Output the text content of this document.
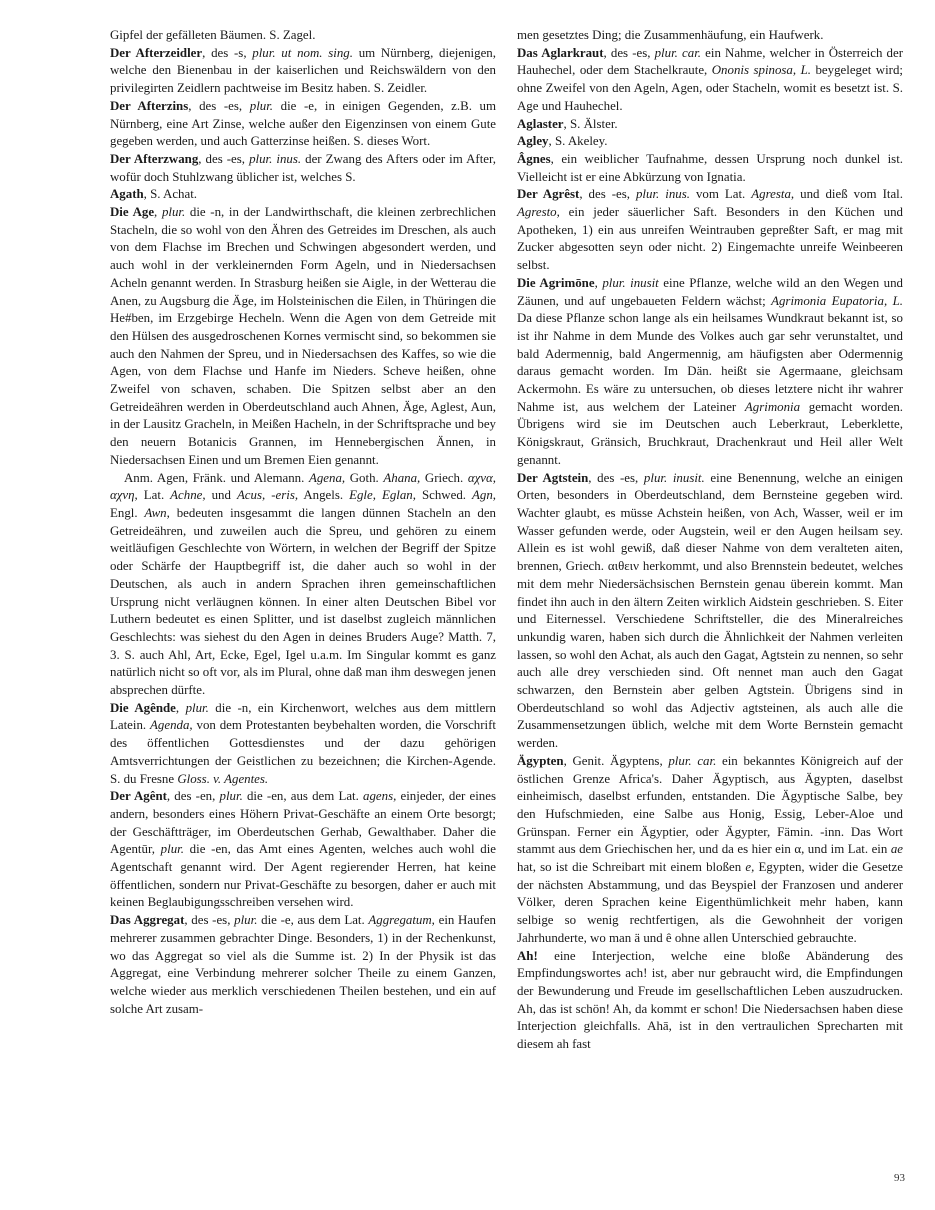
Gipfel der gefälleten Bäumen. S. Zagel.

Der Afterzeidler, des -s, plur. ut nom. sing. um Nürnberg, diejenigen, welche den Bienenbau in der kaiserlichen und Reichswäldern von den privilegirten Zeidlern pachtweise im Besitz haben. S. Zeidler.

Der Afterzins, des -es, plur. die -e, in einigen Gegenden, z.B. um Nürnberg, eine Art Zinse, welche außer den Eigenzinsen von einem Gute gegeben werden, und auch Gatterzinse heißen. S. dieses Wort.

Der Afterzwang, des -es, plur. inus. der Zwang des Afters oder im After, wofür doch Stuhlzwang üblicher ist, welches S.

Agath, S. Achat.

Die Age, plur. die -n, in der Landwirthschaft, die kleinen zerbrechlichen Stacheln, die so wohl von den Ähren des Getreides im Dreschen, als auch von dem Flachse im Brechen und Schwingen abgesondert werden, und auch wohl in der verkleinernden Form Ageln, und in Niedersachsen Acheln genannt werden. In Strasburg heißen sie Aigle, in der Wetterau die Anen, zu Augsburg die Äge, im Holsteinischen die Eilen, in Thüringen die He#ben, im Erzgebirge Hecheln. Wenn die Agen von dem Getreide mit den Hülsen des ausgedroschenen Kornes vermischt sind, so bekommen sie auch den Nahmen der Spreu, und in Niedersachsen des Kaffes, so wie die Agen, von dem Flachse und Hanfe im Nieders. Scheve heißen, ohne Zweifel von schaven, schaben. Die Spitzen selbst aber an den Getreideähren werden in Oberdeutschland auch Ahnen, Äge, Aglest, Aun, in der Lausitz Gracheln, in Meißen Hacheln, in der Schriftsprache und bey den neuern Botanicis Grannen, im Hennebergischen Ännen, in Niedersachsen Einen und um Bremen Eien genannt.

Anm. Agen, Fränk. und Alemann. Agena, Goth. Ahana, Griech. αχνα, αχνη, Lat. Achne, und Acus, -eris, Angels. Egle, Eglan, Schwed. Agn, Engl. Awn, bedeuten insgesammt die langen dünnen Stacheln an den Getreideähren, und zuweilen auch die Spreu, und gehören zu einem weitläufigen Geschlechte von Wörtern, in welchen der Begriff der Spitze oder Schärfe der Hauptbegriff ist, die daher auch so wohl in der Deutschen, als auch in andern Sprachen ihren gemeinschaftlichen Ursprung nicht verläugnen können. In einer alten Deutschen Bibel vor Luthern bedeutet es einen Splitter, und ist daselbst zugleich männlichen Geschlechts: was siehest du den Agen in deines Bruders Auge? Matth. 7, 3. S. auch Ahl, Art, Ecke, Egel, Igel u.a.m. Im Singular kommt es ganz natürlich nicht so oft vor, als im Plural, ohne daß man ihm deswegen jenen absprechen dürfte.

Die Agênde, plur. die -n, ein Kirchenwort, welches aus dem mittlern Latein. Agenda, von dem Protestanten beybehalten worden, die Vorschrift des öffentlichen Gottesdienstes und der dazu gehörigen Amtsverrichtungen der Geistlichen zu bezeichnen; die Kirchen-Agende. S. du Fresne Gloss. v. Agentes.

Der Agênt, des -en, plur. die -en, aus dem Lat. agens, einjeder, der eines andern, besonders eines Höhern Privat-Geschäfte an einem Orte besorgt; der Geschäftträger, im Oberdeutschen Gerhab, Gewalthaber. Daher die Agentūr, plur. die -en, das Amt eines Agenten, welches auch wohl die Agentschaft genannt wird. Der Agent regierender Herren, hat keine öffentlichen, sondern nur Privat-Geschäfte zu besorgen, daher er auch mit keinen Beglaubigungsschreiben versehen wird.

Das Aggregat, des -es, plur. die -e, aus dem Lat. Aggregatum, ein Haufen mehrerer zusammen gebrachter Dinge. Besonders, 1) in der Rechenkunst, wo das Aggregat so viel als die Summe ist. 2) In der Physik ist das Aggregat, eine Verbindung mehrerer solcher Theile zu einem Ganzen, welche wieder aus merklich verschiedenen Theilen bestehen, und ein auf solche Art zusam-

men gesetztes Ding; die Zusammenhäufung, ein Haufwerk.

Das Aglarkraut, des -es, plur. car. ein Nahme, welcher in Österreich der Hauhechel, oder dem Stachelkraute, Ononis spinosa, L. beygeleget wird; ohne Zweifel von den Ageln, Agen, oder Stacheln, womit es besetzt ist. S. Age und Hauhechel.

Aglaster, S. Älster.

Agley, S. Akeley.

Âgnes, ein weiblicher Taufnahme, dessen Ursprung noch dunkel ist. Vielleicht ist er eine Abkürzung von Ignatia.

Der Agrêst, des -es, plur. inus. vom Lat. Agresta, und dieß vom Ital. Agresto, ein jeder säuerlicher Saft. Besonders in den Küchen und Apotheken, 1) ein aus unreifen Weintrauben gepreßter Saft, er mag mit Zucker abgesotten seyn oder nicht. 2) Eingemachte unreife Weinbeeren selbst.

Die Agrimōne, plur. inusit eine Pflanze, welche wild an den Wegen und Zäunen, und auf ungebaueten Feldern wächst; Agrimonia Eupatoria, L. Da diese Pflanze schon lange als ein heilsames Wundkraut bekannt ist, so ist ihr Nahme in dem Munde des Volkes auch gar sehr verunstaltet, und bald Adermennig, bald Angermennig, am häufigsten aber Odermennig daraus gemacht worden. Im Dän. heißt sie Agermaane, gleichsam Ackermohn. Es wäre zu untersuchen, ob dieses letztere nicht ihr wahrer Nahme ist, aus welchem der Lateiner Agrimonia gemacht worden. Übrigens wird sie im Deutschen auch Leberkraut, Leberklette, Königskraut, Gränsich, Bruchkraut, Drachenkraut und Heil aller Welt genannt.

Der Agtstein, des -es, plur. inusit. eine Benennung, welche an einigen Orten, besonders in Oberdeutschland, dem Bernsteine gegeben wird. Wachter glaubt, es müsse Achstein heißen, von Ach, Wasser, weil er im Wasser gefunden werde, oder Augstein, weil er den Augen heilsam sey. Allein es ist wohl gewiß, daß dieser Nahme von dem veralteten aiten, brennen, Griech. αιθειν herkommt, und also Brennstein bedeutet, welches mit dem mehr Niedersächsischen Bernstein genau überein kommt. Man findet ihn auch in den ältern Zeiten wirklich Aidstein geschrieben. S. Eiter und Eiternessel. Verschiedene Schriftsteller, die des Mineralreiches unkundig waren, haben sich durch die Ähnlichkeit der Nahmen verleiten lassen, so wohl den Achat, als auch den Gagat, Agtstein zu nennen, so sehr auch alle drey verschieden sind. Oft nennet man auch den Gagat schwarzen, den Bernstein aber gelben Agtstein. Übrigens sind in Oberdeutschland so wohl das Adjectiv agtsteinen, als auch alle die Zusammensetzungen üblich, welche mit dem Worte Bernstein gemacht werden.

Ägypten, Genit. Ägyptens, plur. car. ein bekanntes Königreich auf der östlichen Grenze Africa's. Daher Ägyptisch, aus Ägypten, daselbst einheimisch, daselbst erfunden, entstanden. Die Ägyptische Salbe, bey den Hufschmieden, eine Salbe aus Honig, Essig, Leber-Aloe und Grünspan. Ferner ein Ägyptier, oder Ägypter, Fämin. -inn. Das Wort stammt aus dem Griechischen her, und da es hier ein α, und im Lat. ein ae hat, so ist die Schreibart mit einem bloßen e, Egypten, wider die Gesetze der nächsten Abstammung, und das Beyspiel der Franzosen und anderer Völker, deren Sprachen keine Eigenthümlichkeit mehr haben, kann selbige so wenig rechtfertigen, als die Gewohnheit der vorigen Jahrhunderte, wo man ä und ê ohne allen Unterschied gebrauchte.

Ah! eine Interjection, welche eine bloße Abänderung des Empfindungswortes ach! ist, aber nur gebraucht wird, die Empfindungen der Bewunderung und Freude im gesellschaftlichen Leben auszudrucken. Ah, das ist schön! Ah, da kommt er schon! Die Niedersachsen haben diese Interjection gleichfalls. Ahā, ist in den vertraulichen Sprecharten mit diesem ah fast

93
